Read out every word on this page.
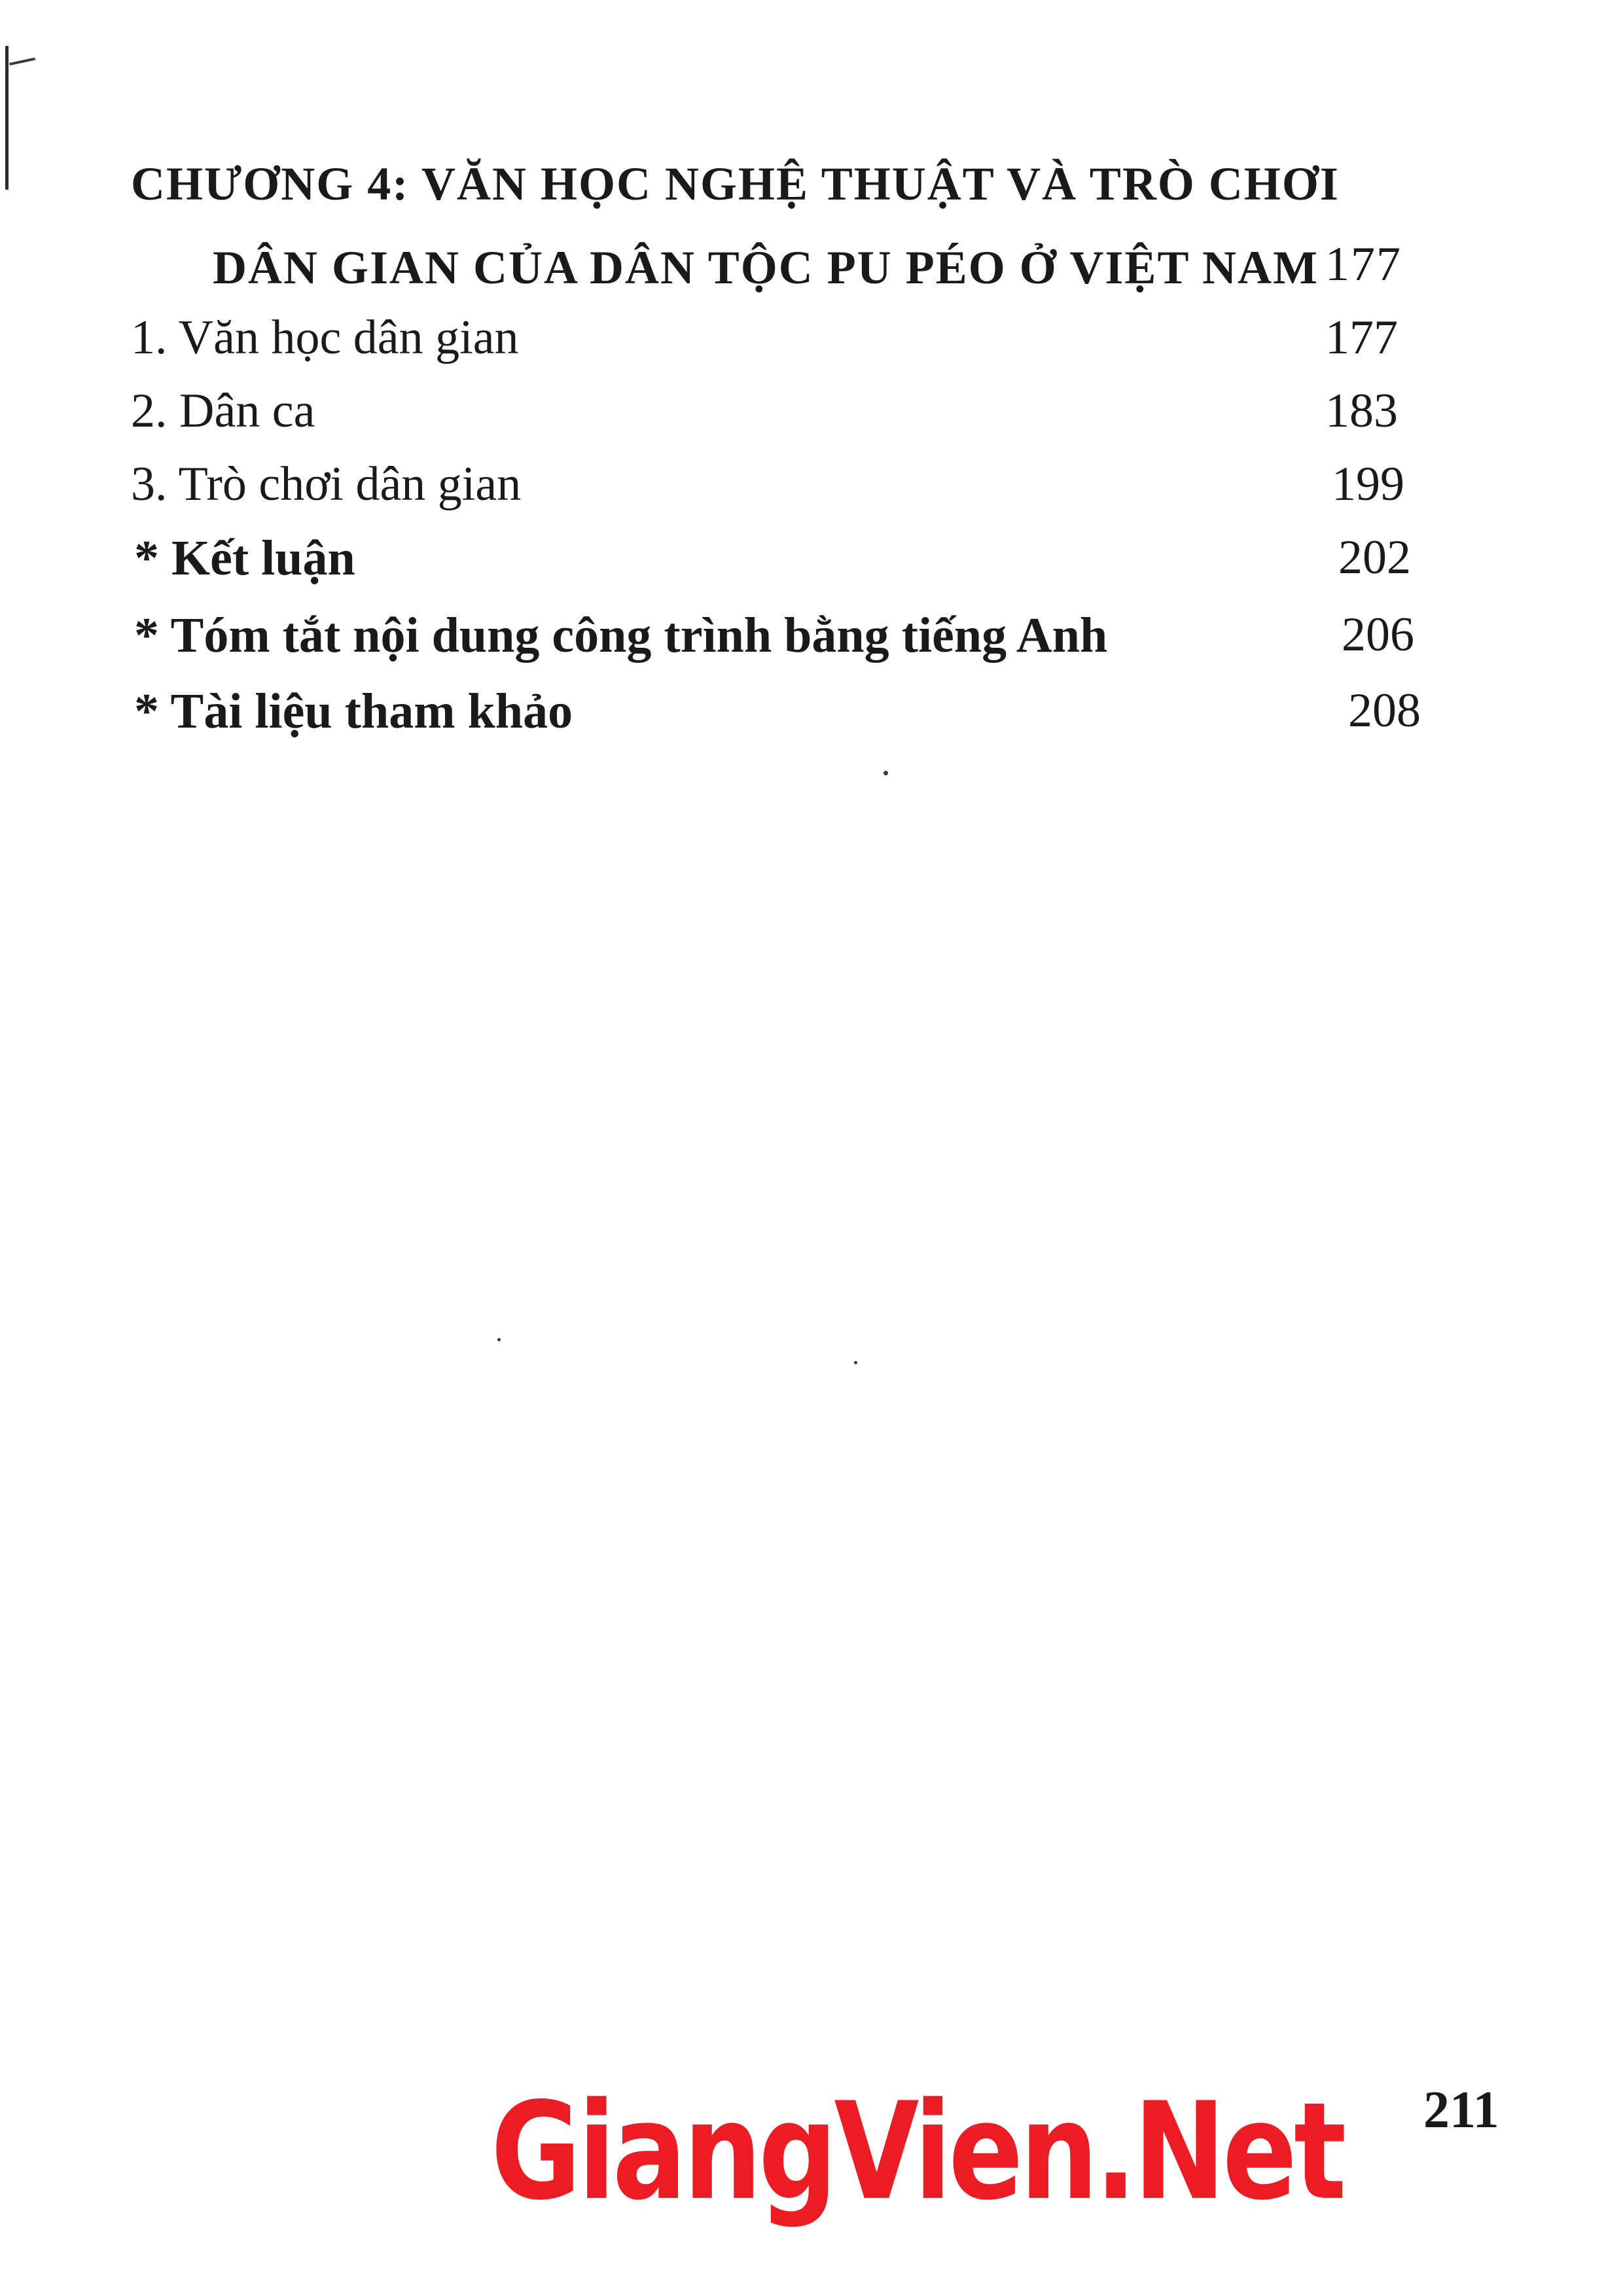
CHƯƠNG 4: VĂN HỌC NGHỆ THUẬT VÀ TRÒ CHƠI
DÂN GIAN CỦA DÂN TỘC PU PÉO Ở VIỆT NAM 177
1. Văn học dân gian	177
2. Dân ca	183
3. Trò chơi dân gian	199
* Kết luận	202
* Tóm tắt nội dung công trình bằng tiếng Anh	206
* Tài liệu tham khảo	208
GiangVien.Net 211
